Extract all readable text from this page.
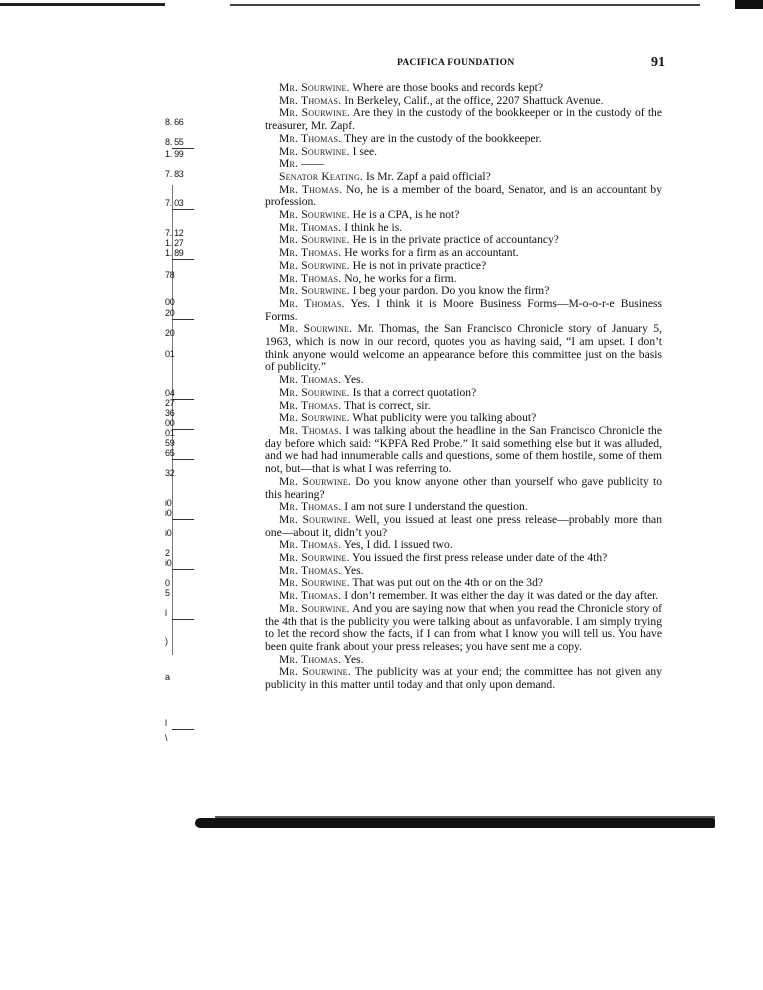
8. 66
8. 55
1. 99
7. 83
7. 03
7. 12
1. 27
1. 89
78
00
20
20
01
04
27
36
00
01
59
65
32
i0
i0
i0
2
i0
0
5
l
)
a
l
\
PACIFICA FOUNDATION	91

Mr. Sourwine. Where are those books and records kept?

Mr. Thomas. In Berkeley, Calif., at the office, 2207 Shattuck Avenue.

Mr. Sourwine. Are they in the custody of the bookkeeper or in the custody of the treasurer, Mr. Zapf.

Mr. Thomas. They are in the custody of the bookkeeper.

Mr. Sourwine. I see.

Mr. ——

Senator Keating. Is Mr. Zapf a paid official?

Mr. Thomas. No, he is a member of the board, Senator, and is an accountant by profession.

Mr. Sourwine. He is a CPA, is he not?

Mr. Thomas. I think he is.

Mr. Sourwine. He is in the private practice of accountancy?

Mr. Thomas. He works for a firm as an accountant.

Mr. Sourwine. He is not in private practice?

Mr. Thomas. No, he works for a firm.

Mr. Sourwine. I beg your pardon. Do you know the firm?

Mr. Thomas. Yes. I think it is Moore Business Forms—M-o-o-r-e Business Forms.

Mr. Sourwine. Mr. Thomas, the San Francisco Chronicle story of January 5, 1963, which is now in our record, quotes you as having said, “I am upset. I don’t think anyone would welcome an appearance before this committee just on the basis of publicity.”

Mr. Thomas. Yes.

Mr. Sourwine. Is that a correct quotation?

Mr. Thomas. That is correct, sir.

Mr. Sourwine. What publicity were you talking about?

Mr. Thomas. I was talking about the headline in the San Francisco Chronicle the day before which said: “KPFA Red Probe.” It said something else but it was alluded, and we had had innumerable calls and questions, some of them hostile, some of them not, but—that is what I was referring to.

Mr. Sourwine. Do you know anyone other than yourself who gave publicity to this hearing?

Mr. Thomas. I am not sure I understand the question.

Mr. Sourwine. Well, you issued at least one press release—probably more than one—about it, didn’t you?

Mr. Thomas. Yes, I did. I issued two.

Mr. Sourwine. You issued the first press release under date of the 4th?

Mr. Thomas. Yes.

Mr. Sourwine. That was put out on the 4th or on the 3d?

Mr. Thomas. I don’t remember. It was either the day it was dated or the day after.

Mr. Sourwine. And you are saying now that when you read the Chronicle story of the 4th that is the publicity you were talking about as unfavorable. I am simply trying to let the record show the facts, if I can from what I know you will tell us. You have been quite frank about your press releases; you have sent me a copy.

Mr. Thomas. Yes.

Mr. Sourwine. The publicity was at your end; the committee has not given any publicity in this matter until today and that only upon demand.
